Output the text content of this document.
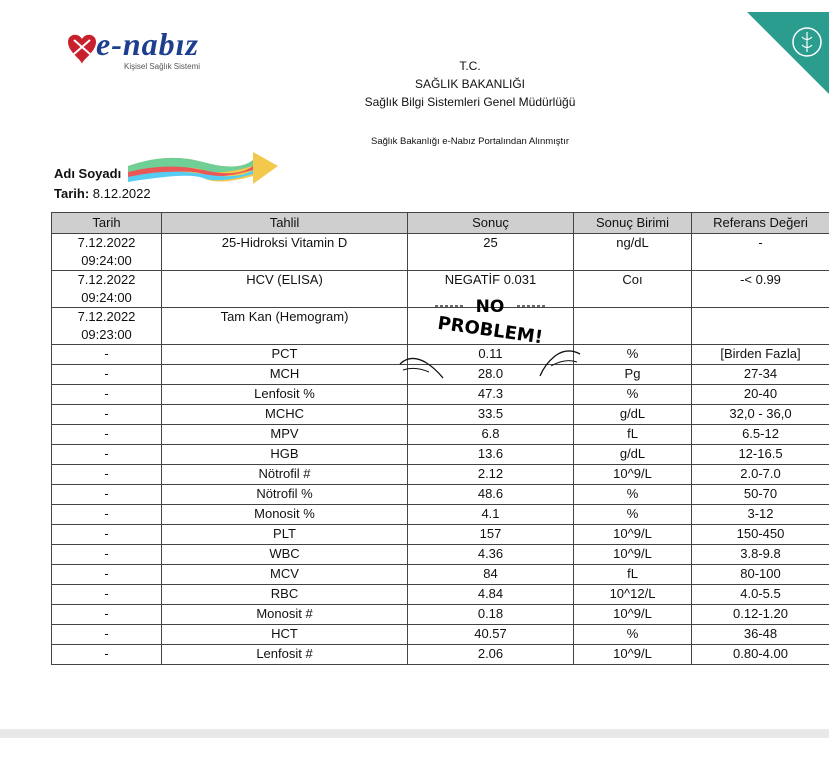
e-nabız
Kişisel Sağlık Sistemi	T.C.
SAĞLIK BAKANLIĞI
Sağlık Bilgi Sistemleri Genel Müdürlüğü
Sağlık Bakanlığı e-Nabız Portalından Alınmıştır
Adı Soyadı
Tarih: 8.12.2022
Tarih	Tahlil	Sonuç	Sonuç Birimi	Referans Değeri
7.12.2022 09:24:00	25-Hidroksi Vitamin D	25	ng/dL	-
7.12.2022 09:24:00	HCV (ELISA)	NEGATİF 0.031	Coı	-< 0.99
7.12.2022 09:23:00	Tam Kan (Hemogram)			
-	PCT	0.11	%	[Birden Fazla]
-	MCH	28.0	Pg	27-34
-	Lenfosit %	47.3	%	20-40
-	MCHC	33.5	g/dL	32,0 - 36,0
-	MPV	6.8	fL	6.5-12
-	HGB	13.6	g/dL	12-16.5
-	Nötrofil #	2.12	10^9/L	2.0-7.0
-	Nötrofil %	48.6	%	50-70
-	Monosit %	4.1	%	3-12
-	PLT	157	10^9/L	150-450
-	WBC	4.36	10^9/L	3.8-9.8
-	MCV	84	fL	80-100
-	RBC	4.84	10^12/L	4.0-5.5
-	Monosit #	0.18	10^9/L	0.12-1.20
-	HCT	40.57	%	36-48
-	Lenfosit #	2.06	10^9/L	0.80-4.00
NO
PROBLEM!
